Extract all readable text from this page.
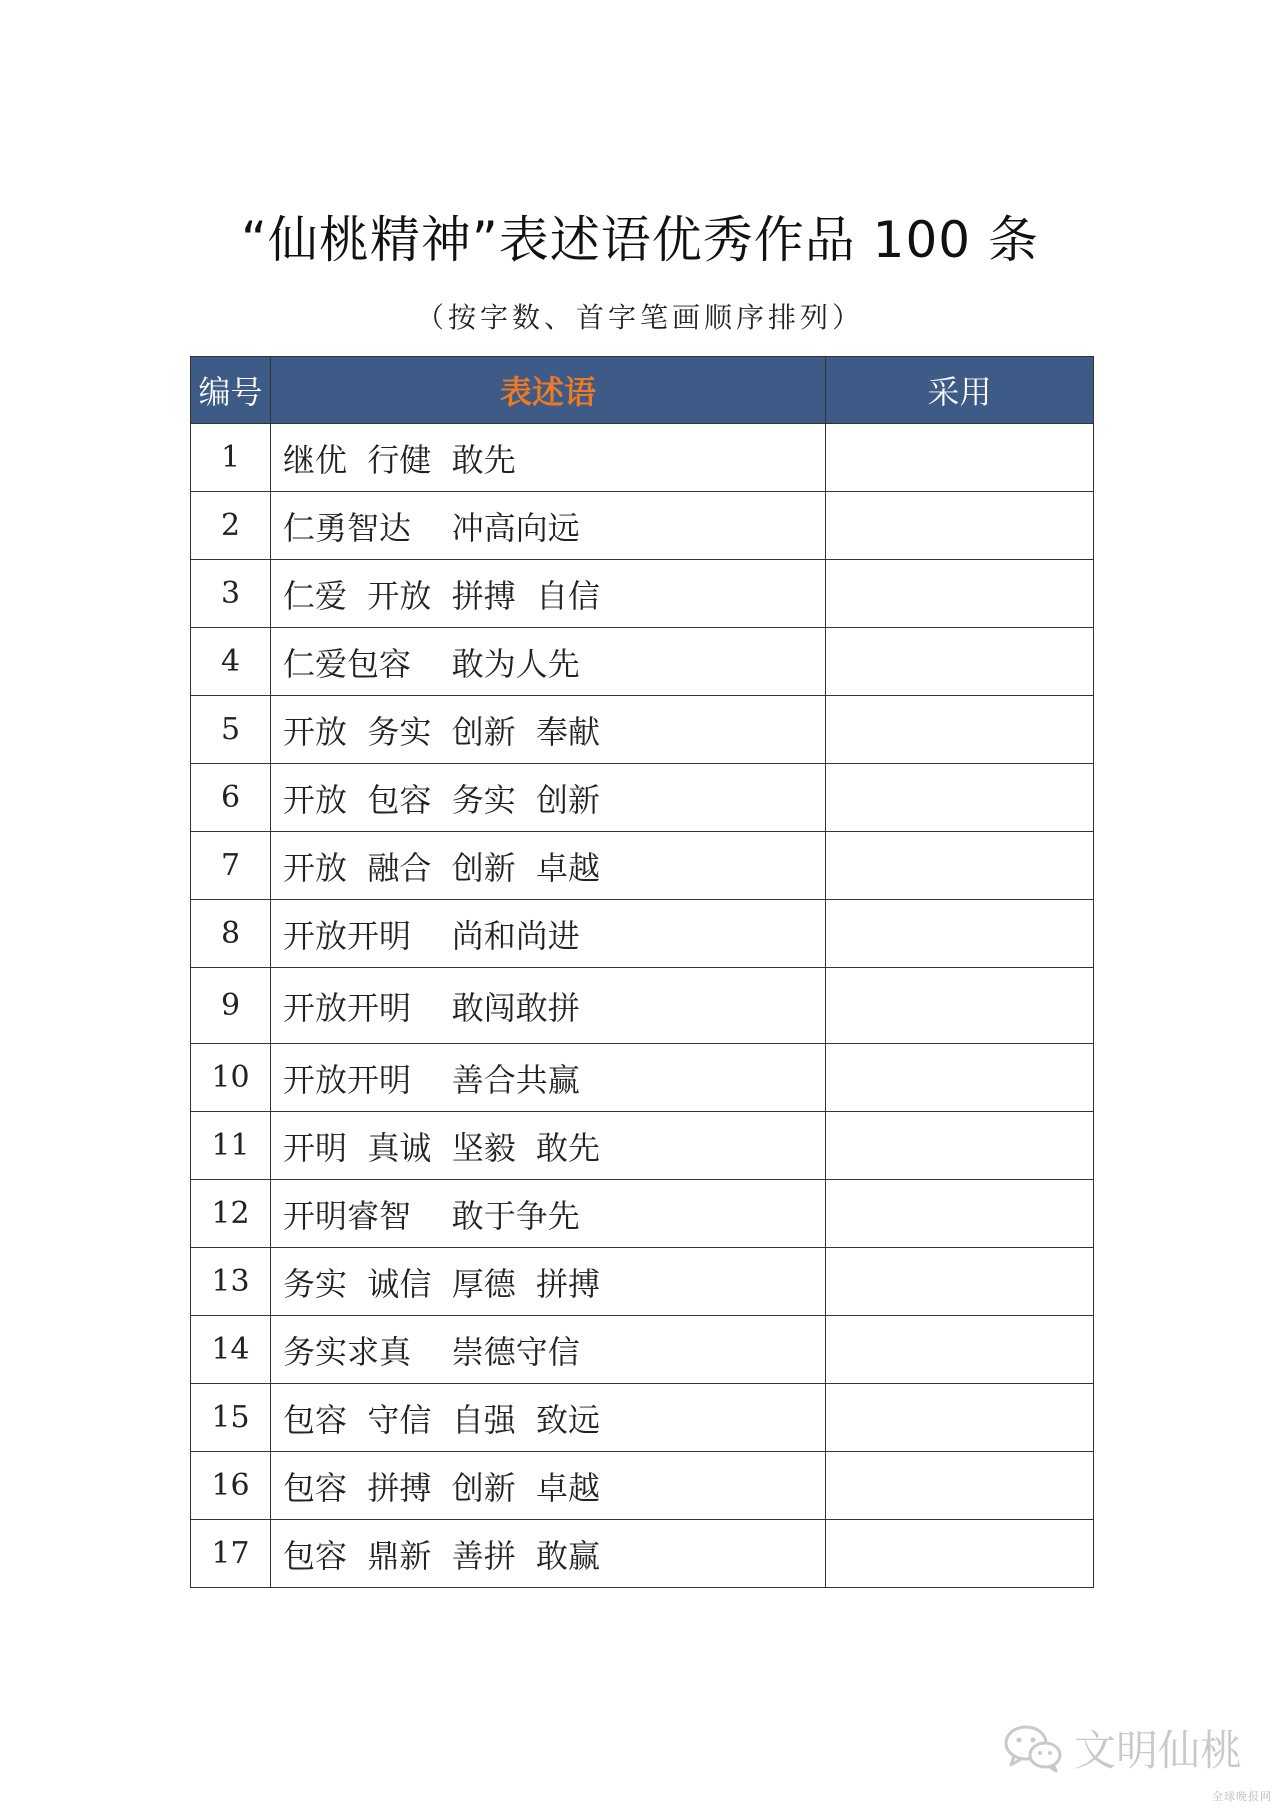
“仙桃精神”表述语优秀作品 100 条
（按字数、首字笔画顺序排列）
编号	表述语	采用
1	继优  行健  敢先	
2	仁勇智达    冲高向远	
3	仁爱  开放  拼搏  自信	
4	仁爱包容    敢为人先	
5	开放  务实  创新  奉献	
6	开放  包容  务实  创新	
7	开放  融合  创新  卓越	
8	开放开明    尚和尚进	
9	开放开明    敢闯敢拼	
10	开放开明    善合共赢	
11	开明  真诚  坚毅  敢先	
12	开明睿智    敢于争先	
13	务实  诚信  厚德  拼搏	
14	务实求真    崇德守信	
15	包容  守信  自强  致远	
16	包容  拼搏  创新  卓越	
17	包容  鼎新  善拼  敢赢	
文明仙桃
全球晚报网
